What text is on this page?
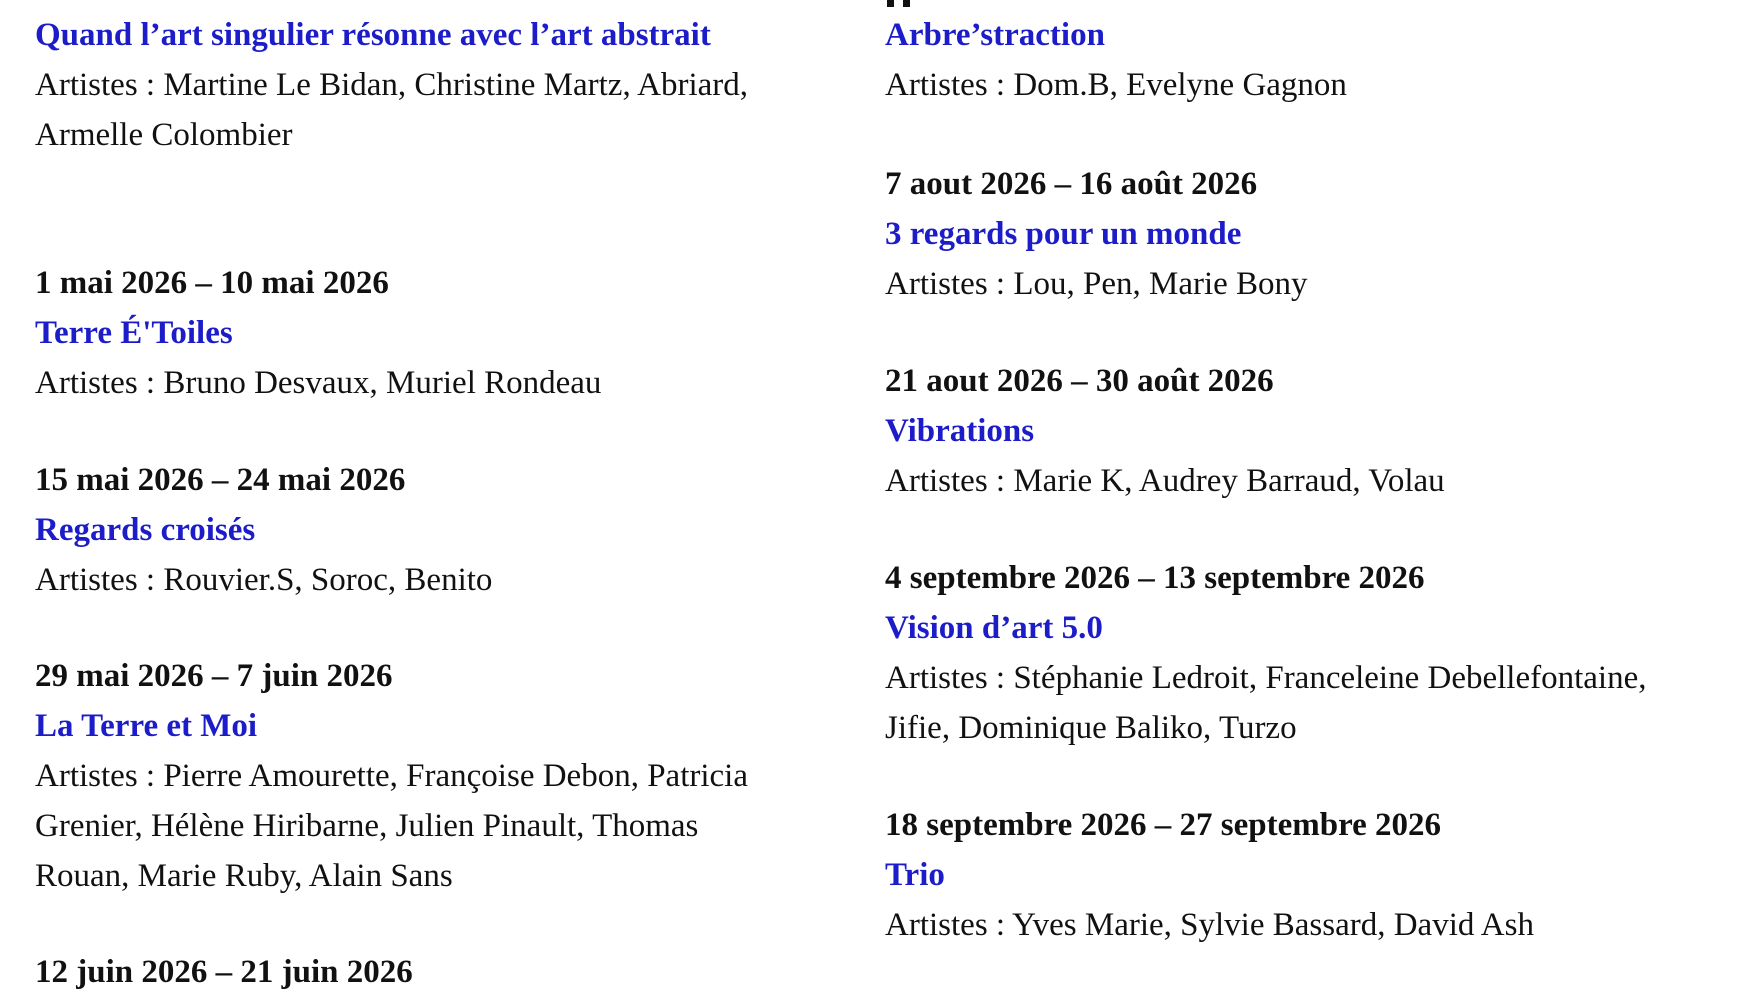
Quand l’art singulier résonne avec l’art abstrait
Artistes : Martine Le Bidan, Christine Martz, Abriard, Armelle Colombier
1 mai 2026 – 10 mai 2026
Terre É'Toiles
Artistes : Bruno Desvaux, Muriel Rondeau
15 mai 2026 – 24 mai 2026
Regards croisés
Artistes : Rouvier.S, Soroc, Benito
29 mai 2026 – 7 juin 2026
La Terre et Moi
Artistes : Pierre Amourette, Françoise Debon, Patricia Grenier, Hélène Hiribarne, Julien Pinault, Thomas Rouan, Marie Ruby, Alain Sans
12 juin 2026 – 21 juin 2026
Arbre’straction
Artistes : Dom.B, Evelyne Gagnon
7 aout 2026 – 16 août 2026
3 regards pour un monde
Artistes : Lou, Pen, Marie Bony
21 aout 2026 – 30 août 2026
Vibrations
Artistes : Marie K, Audrey Barraud, Volau
4 septembre 2026 – 13 septembre 2026
Vision d’art 5.0
Artistes : Stéphanie Ledroit, Franceleine Debellefontaine, Jifie, Dominique Baliko, Turzo
18 septembre 2026 – 27 septembre 2026
Trio
Artistes : Yves Marie, Sylvie Bassard, David Ash
